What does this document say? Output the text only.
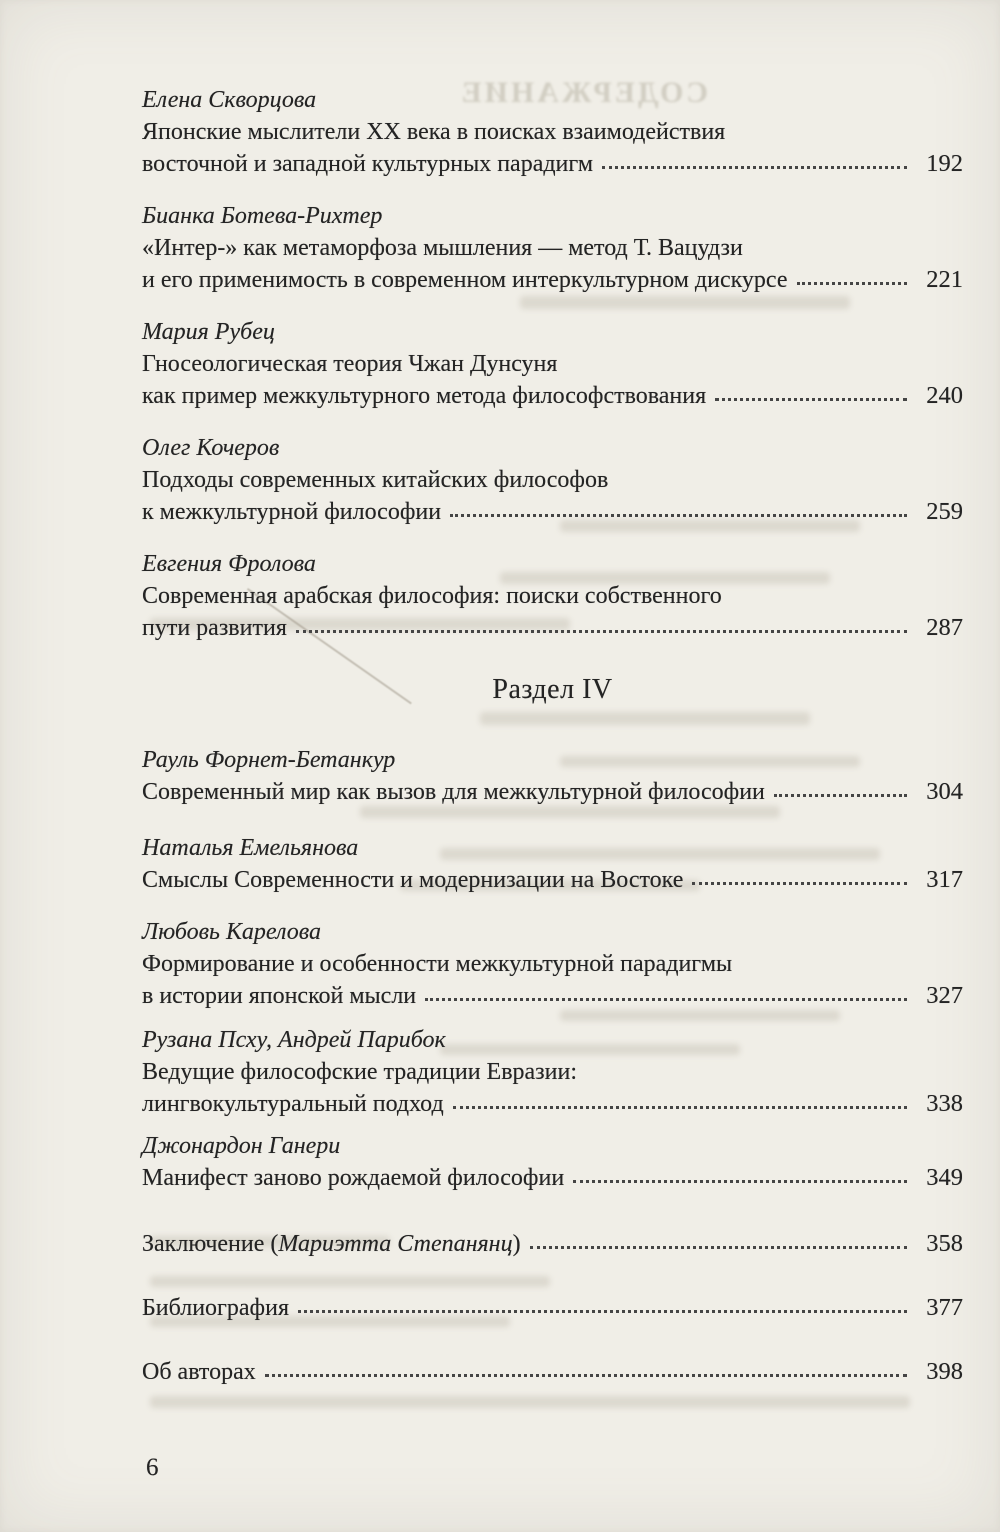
СОДЕРЖАНИЕ
Елена Скворцова
Японские мыслители XX века в поисках взаимодействия
восточной и западной культурных парадигм	192
Бианка Ботева-Рихтер
«Интер-» как метаморфоза мышления — метод Т. Вацудзи
и его применимость в современном интеркультурном дискурсе	221
Мария Рубец
Гносеологическая теория Чжан Дунсуня
как пример межкультурного метода философствования	240
Олег Кочеров
Подходы современных китайских философов
к межкультурной философии	259
Евгения Фролова
Современная арабская философия: поиски собственного
пути развития	287
Раздел IV
Рауль Форнет-Бетанкур
Современный мир как вызов для межкультурной философии	304
Наталья Емельянова
Смыслы Современности и модернизации на Востоке	317
Любовь Карелова
Формирование и особенности межкультурной парадигмы
в истории японской мысли	327
Рузана Псху, Андрей Парибок
Ведущие философские традиции Евразии:
лингвокультуральный подход	338
Джонардон Ганери
Манифест заново рождаемой философии	349
Заключение (Мариэтта Степанянц)	358
Библиография	377
Об авторах	398
6
